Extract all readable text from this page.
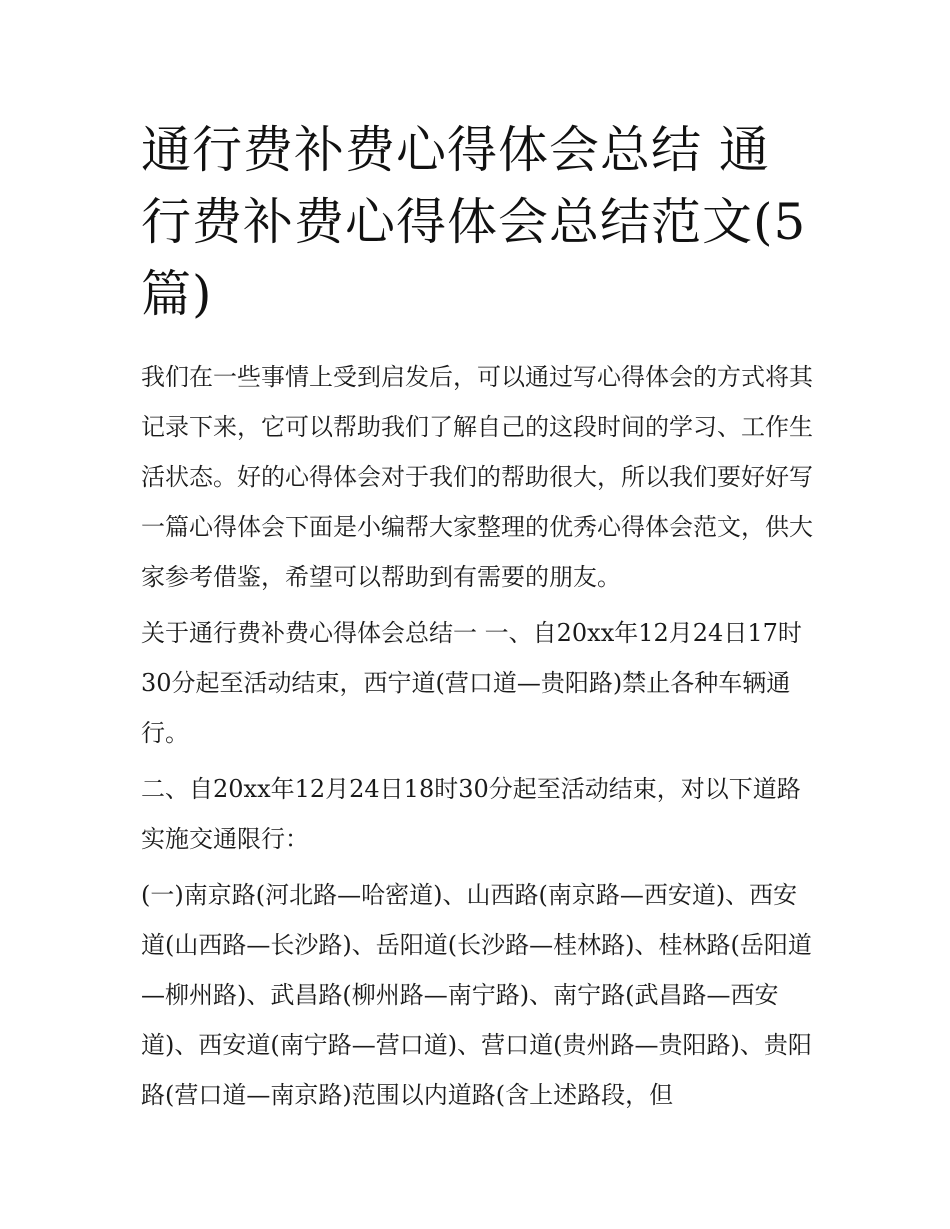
通行费补费心得体会总结 通行费补费心得体会总结范文(5篇)

我们在一些事情上受到启发后，可以通过写心得体会的方式将其记录下来，它可以帮助我们了解自己的这段时间的学习、工作生活状态。好的心得体会对于我们的帮助很大，所以我们要好好写一篇心得体会下面是小编帮大家整理的优秀心得体会范文，供大家参考借鉴，希望可以帮助到有需要的朋友。

关于通行费补费心得体会总结一 一、自20xx年12月24日17时30分起至活动结束，西宁道(营口道—贵阳路)禁止各种车辆通行。

二、自20xx年12月24日18时30分起至活动结束，对以下道路实施交通限行：

(一)南京路(河北路—哈密道)、山西路(南京路—西安道)、西安道(山西路—长沙路)、岳阳道(长沙路—桂林路)、桂林路(岳阳道—柳州路)、武昌路(柳州路—南宁路)、南宁路(武昌路—西安道)、西安道(南宁路—营口道)、营口道(贵州路—贵阳路)、贵阳路(营口道—南京路)范围以内道路(含上述路段，但
